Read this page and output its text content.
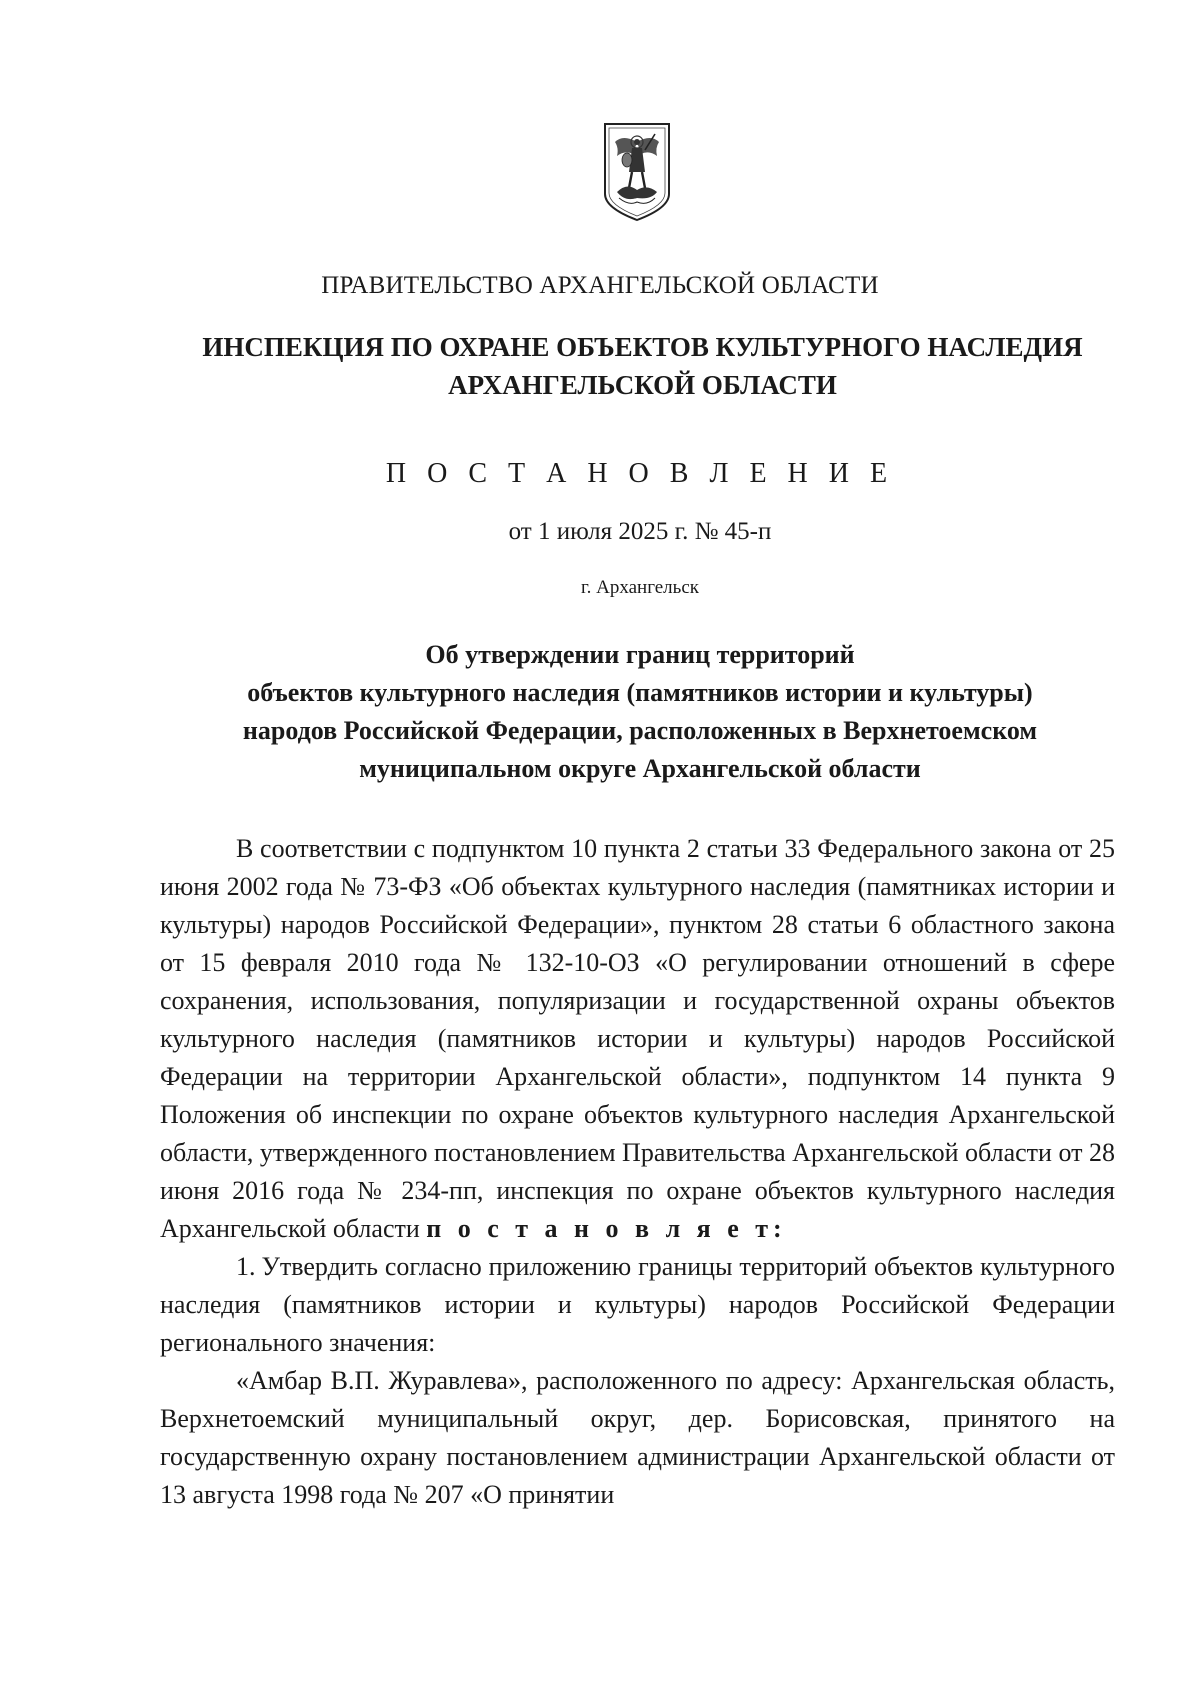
ПРАВИТЕЛЬСТВО АРХАНГЕЛЬСКОЙ ОБЛАСТИ
ИНСПЕКЦИЯ ПО ОХРАНЕ ОБЪЕКТОВ КУЛЬТУРНОГО НАСЛЕДИЯ
АРХАНГЕЛЬСКОЙ ОБЛАСТИ
П О С Т А Н О В Л Е Н И Е
от 1 июля 2025 г. № 45-п
г. Архангельск
Об утверждении границ территорий
объектов культурного наследия (памятников истории и культуры)
народов Российской Федерации, расположенных в Верхнетоемском
муниципальном округе Архангельской области

В соответствии с подпунктом 10 пункта 2 статьи 33 Федерального закона от 25 июня 2002 года № 73-ФЗ «Об объектах культурного наследия (памятниках истории и культуры) народов Российской Федерации», пунктом 28 статьи 6 областного закона от 15 февраля 2010 года № 132-10-ОЗ «О регулировании отношений в сфере сохранения, использования, популяризации и государственной охраны объектов культурного наследия (памятников истории и культуры) народов Российской Федерации на территории Архангельской области», подпунктом 14 пункта 9 Положения об инспекции по охране объектов культурного наследия Архангельской области, утвержденного постановлением Правительства Архангельской области от 28 июня 2016 года № 234-пп, инспекция по охране объектов культурного наследия Архангельской области п о с т а н о в л я е т:

1. Утвердить согласно приложению границы территорий объектов культурного наследия (памятников истории и культуры) народов Российской Федерации регионального значения:

«Амбар В.П. Журавлева», расположенного по адресу: Архангельская область, Верхнетоемский муниципальный округ, дер. Борисовская, принятого на государственную охрану постановлением администрации Архангельской области от 13 августа 1998 года № 207 «О принятии
